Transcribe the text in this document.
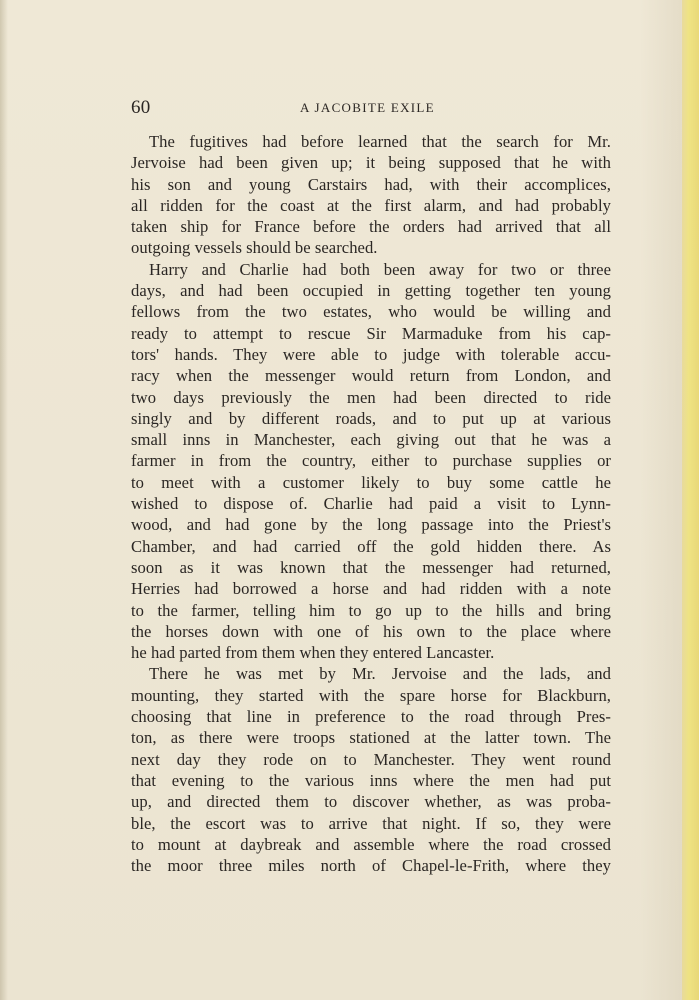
60	A JACOBITE EXILE
The fugitives had before learned that the search for Mr.
Jervoise had been given up; it being supposed that he with
his son and young Carstairs had, with their accomplices,
all ridden for the coast at the first alarm, and had probably
taken ship for France before the orders had arrived that all
outgoing vessels should be searched.
Harry and Charlie had both been away for two or three
days, and had been occupied in getting together ten young
fellows from the two estates, who would be willing and
ready to attempt to rescue Sir Marmaduke from his cap-
tors' hands. They were able to judge with tolerable accu-
racy when the messenger would return from London, and
two days previously the men had been directed to ride
singly and by different roads, and to put up at various
small inns in Manchester, each giving out that he was a
farmer in from the country, either to purchase supplies or
to meet with a customer likely to buy some cattle he
wished to dispose of. Charlie had paid a visit to Lynn-
wood, and had gone by the long passage into the Priest's
Chamber, and had carried off the gold hidden there. As
soon as it was known that the messenger had returned,
Herries had borrowed a horse and had ridden with a note
to the farmer, telling him to go up to the hills and bring
the horses down with one of his own to the place where
he had parted from them when they entered Lancaster.
There he was met by Mr. Jervoise and the lads, and
mounting, they started with the spare horse for Blackburn,
choosing that line in preference to the road through Pres-
ton, as there were troops stationed at the latter town. The
next day they rode on to Manchester. They went round
that evening to the various inns where the men had put
up, and directed them to discover whether, as was proba-
ble, the escort was to arrive that night. If so, they were
to mount at daybreak and assemble where the road crossed
the moor three miles north of Chapel-le-Frith, where they
